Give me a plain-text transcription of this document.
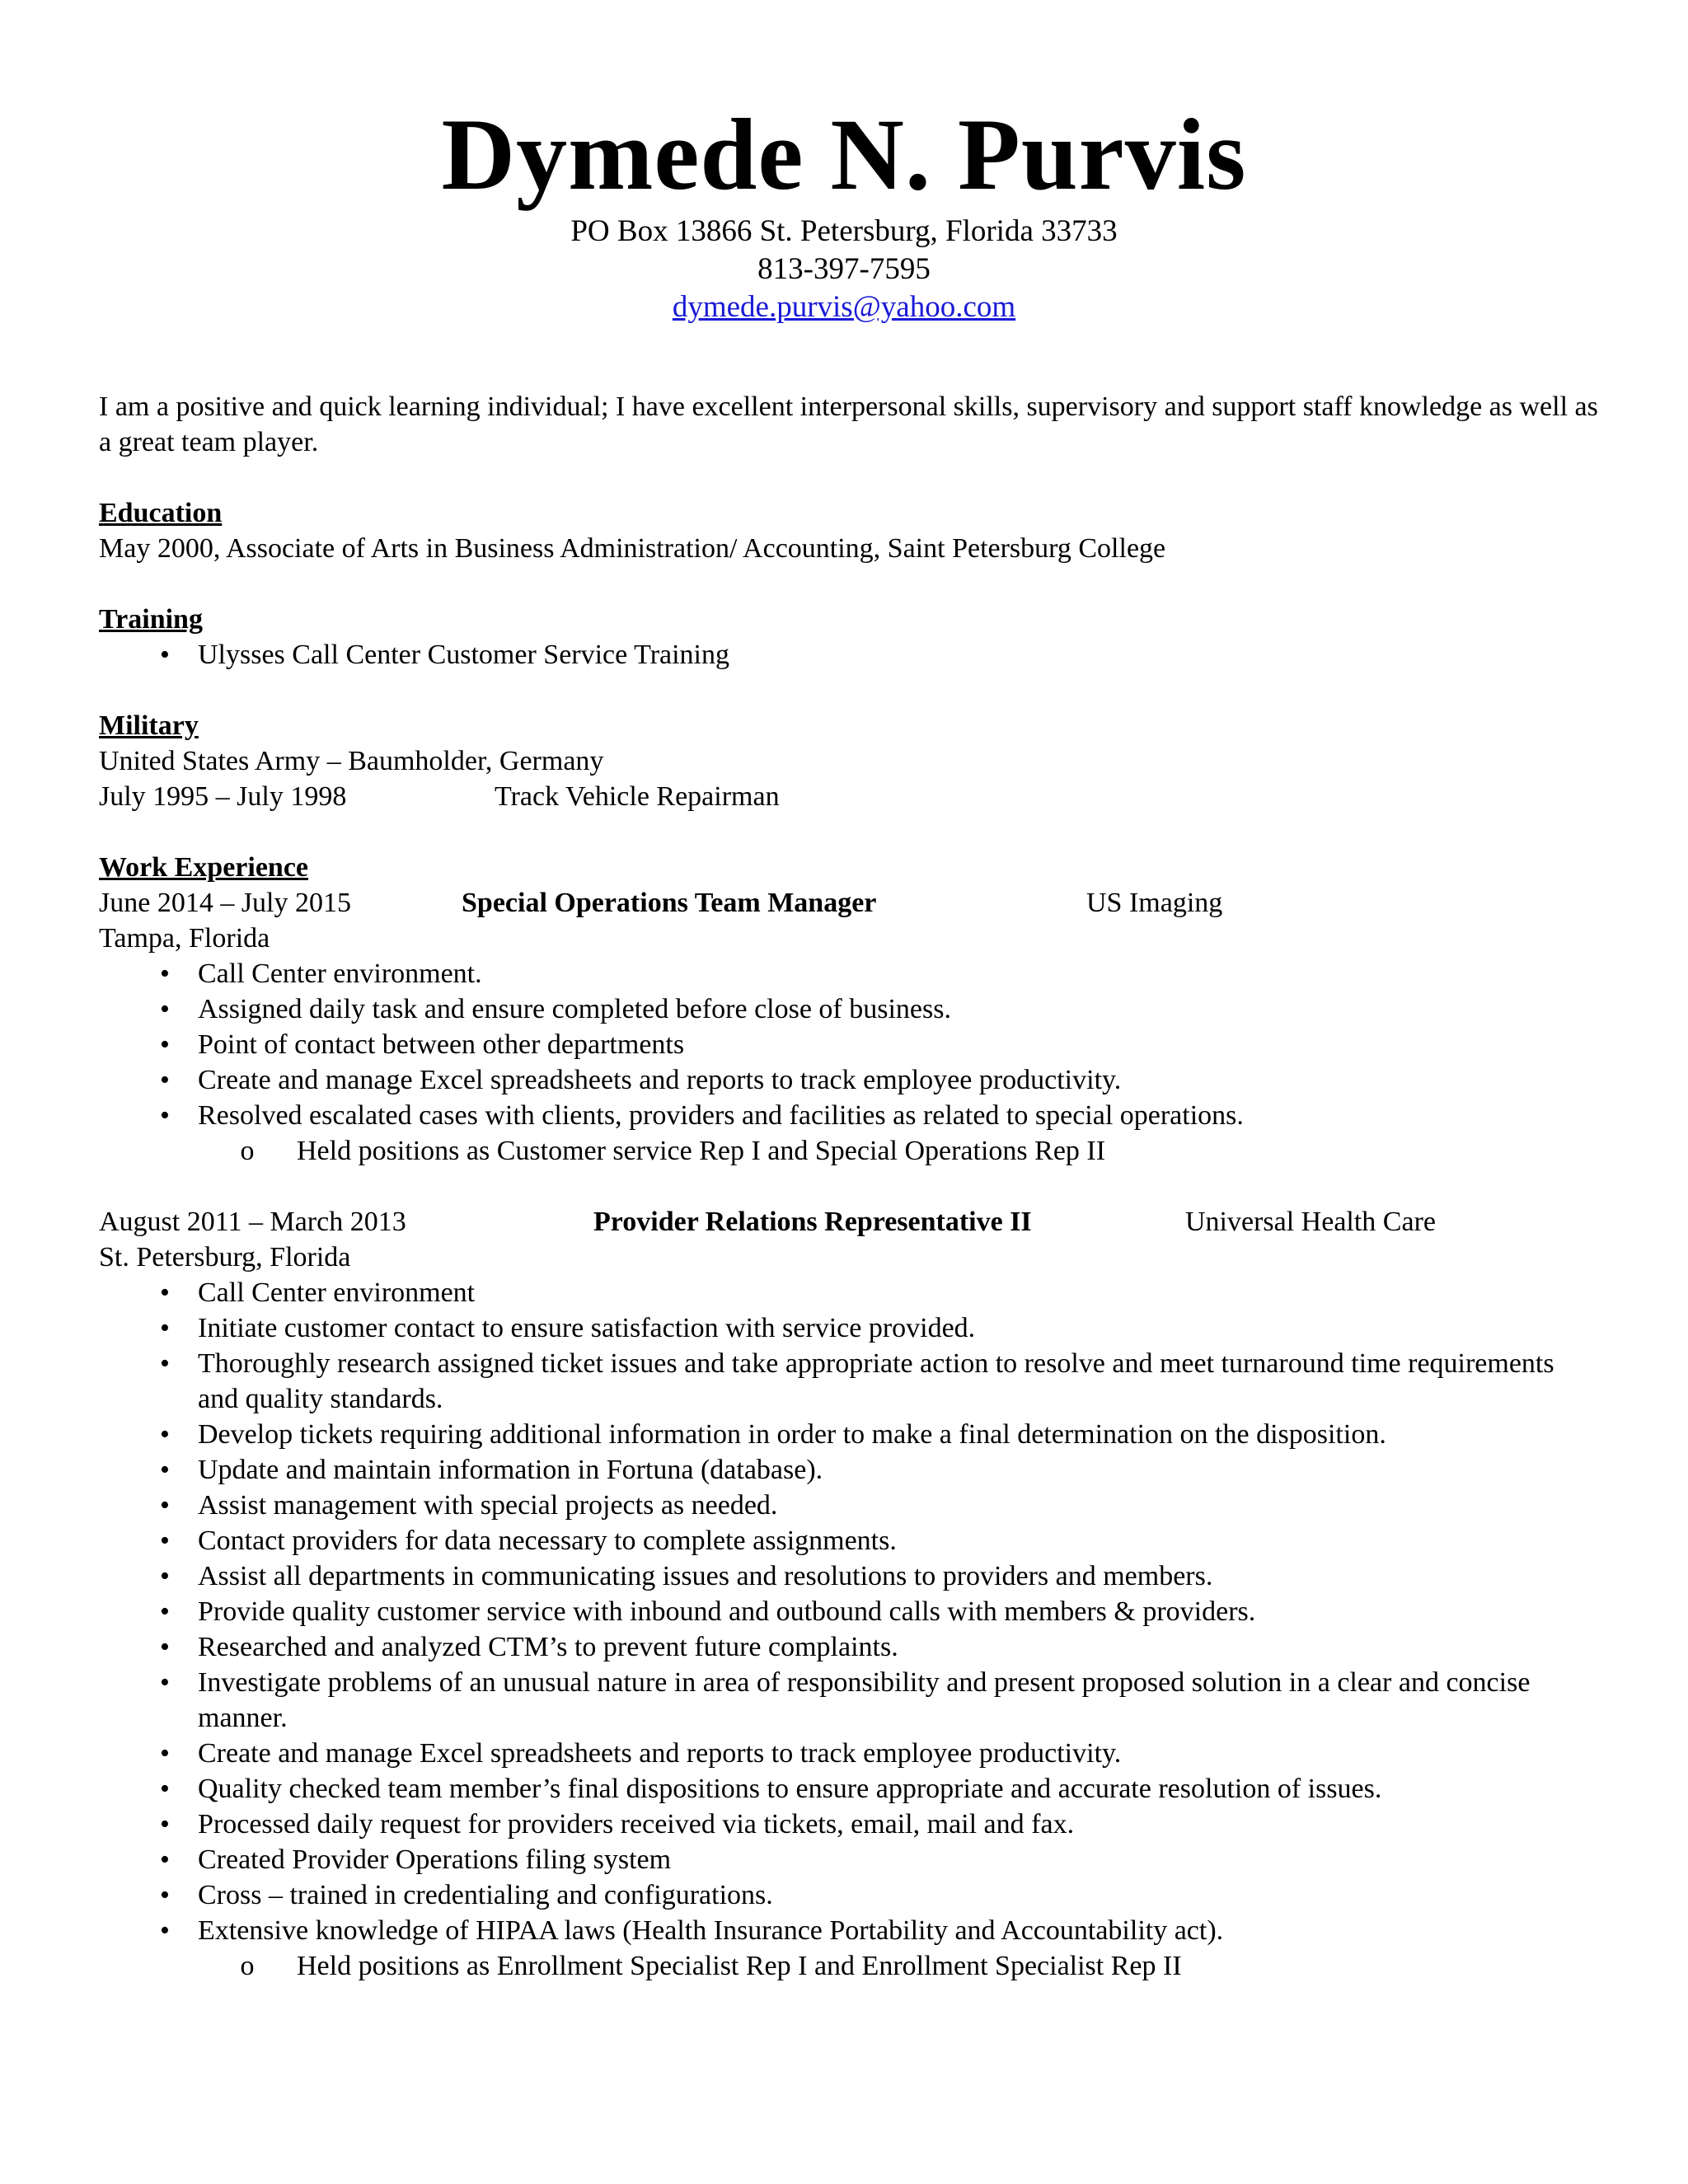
Dymede N. Purvis

PO Box 13866 St. Petersburg, Florida 33733

813-397-7595

dymede.purvis@yahoo.com

I am a positive and quick learning individual; I have excellent interpersonal skills, supervisory and support staff knowledge as well as a great team player.

Education

May 2000, Associate of Arts in Business Administration/ Accounting, Saint Petersburg College

Training

• Ulysses Call Center Customer Service Training

Military

United States Army – Baumholder, Germany

July 1995 – July 1998	Track Vehicle Repairman

Work Experience

June 2014 – July 2015	Special Operations Team Manager	US Imaging

Tampa, Florida

• Call Center environment.
• Assigned daily task and ensure completed before close of business.
• Point of contact between other departments
• Create and manage Excel spreadsheets and reports to track employee productivity.
• Resolved escalated cases with clients, providers and facilities as related to special operations.
o Held positions as Customer service Rep I and Special Operations Rep II
August 2011 – March 2013	Provider Relations Representative II	Universal Health Care

St. Petersburg, Florida

• Call Center environment
• Initiate customer contact to ensure satisfaction with service provided.
• Thoroughly research assigned ticket issues and take appropriate action to resolve and meet turnaround time requirements and quality standards.
• Develop tickets requiring additional information in order to make a final determination on the disposition.
• Update and maintain information in Fortuna (database).
• Assist management with special projects as needed.
• Contact providers for data necessary to complete assignments.
• Assist all departments in communicating issues and resolutions to providers and members.
• Provide quality customer service with inbound and outbound calls with members & providers.
• Researched and analyzed CTM’s to prevent future complaints.
• Investigate problems of an unusual nature in area of responsibility and present proposed solution in a clear and concise manner.
• Create and manage Excel spreadsheets and reports to track employee productivity.
• Quality checked team member’s final dispositions to ensure appropriate and accurate resolution of issues.
• Processed daily request for providers received via tickets, email, mail and fax.
• Created Provider Operations filing system
• Cross – trained in credentialing and configurations.
• Extensive knowledge of HIPAA laws (Health Insurance Portability and Accountability act).
o Held positions as Enrollment Specialist Rep I and Enrollment Specialist Rep II
